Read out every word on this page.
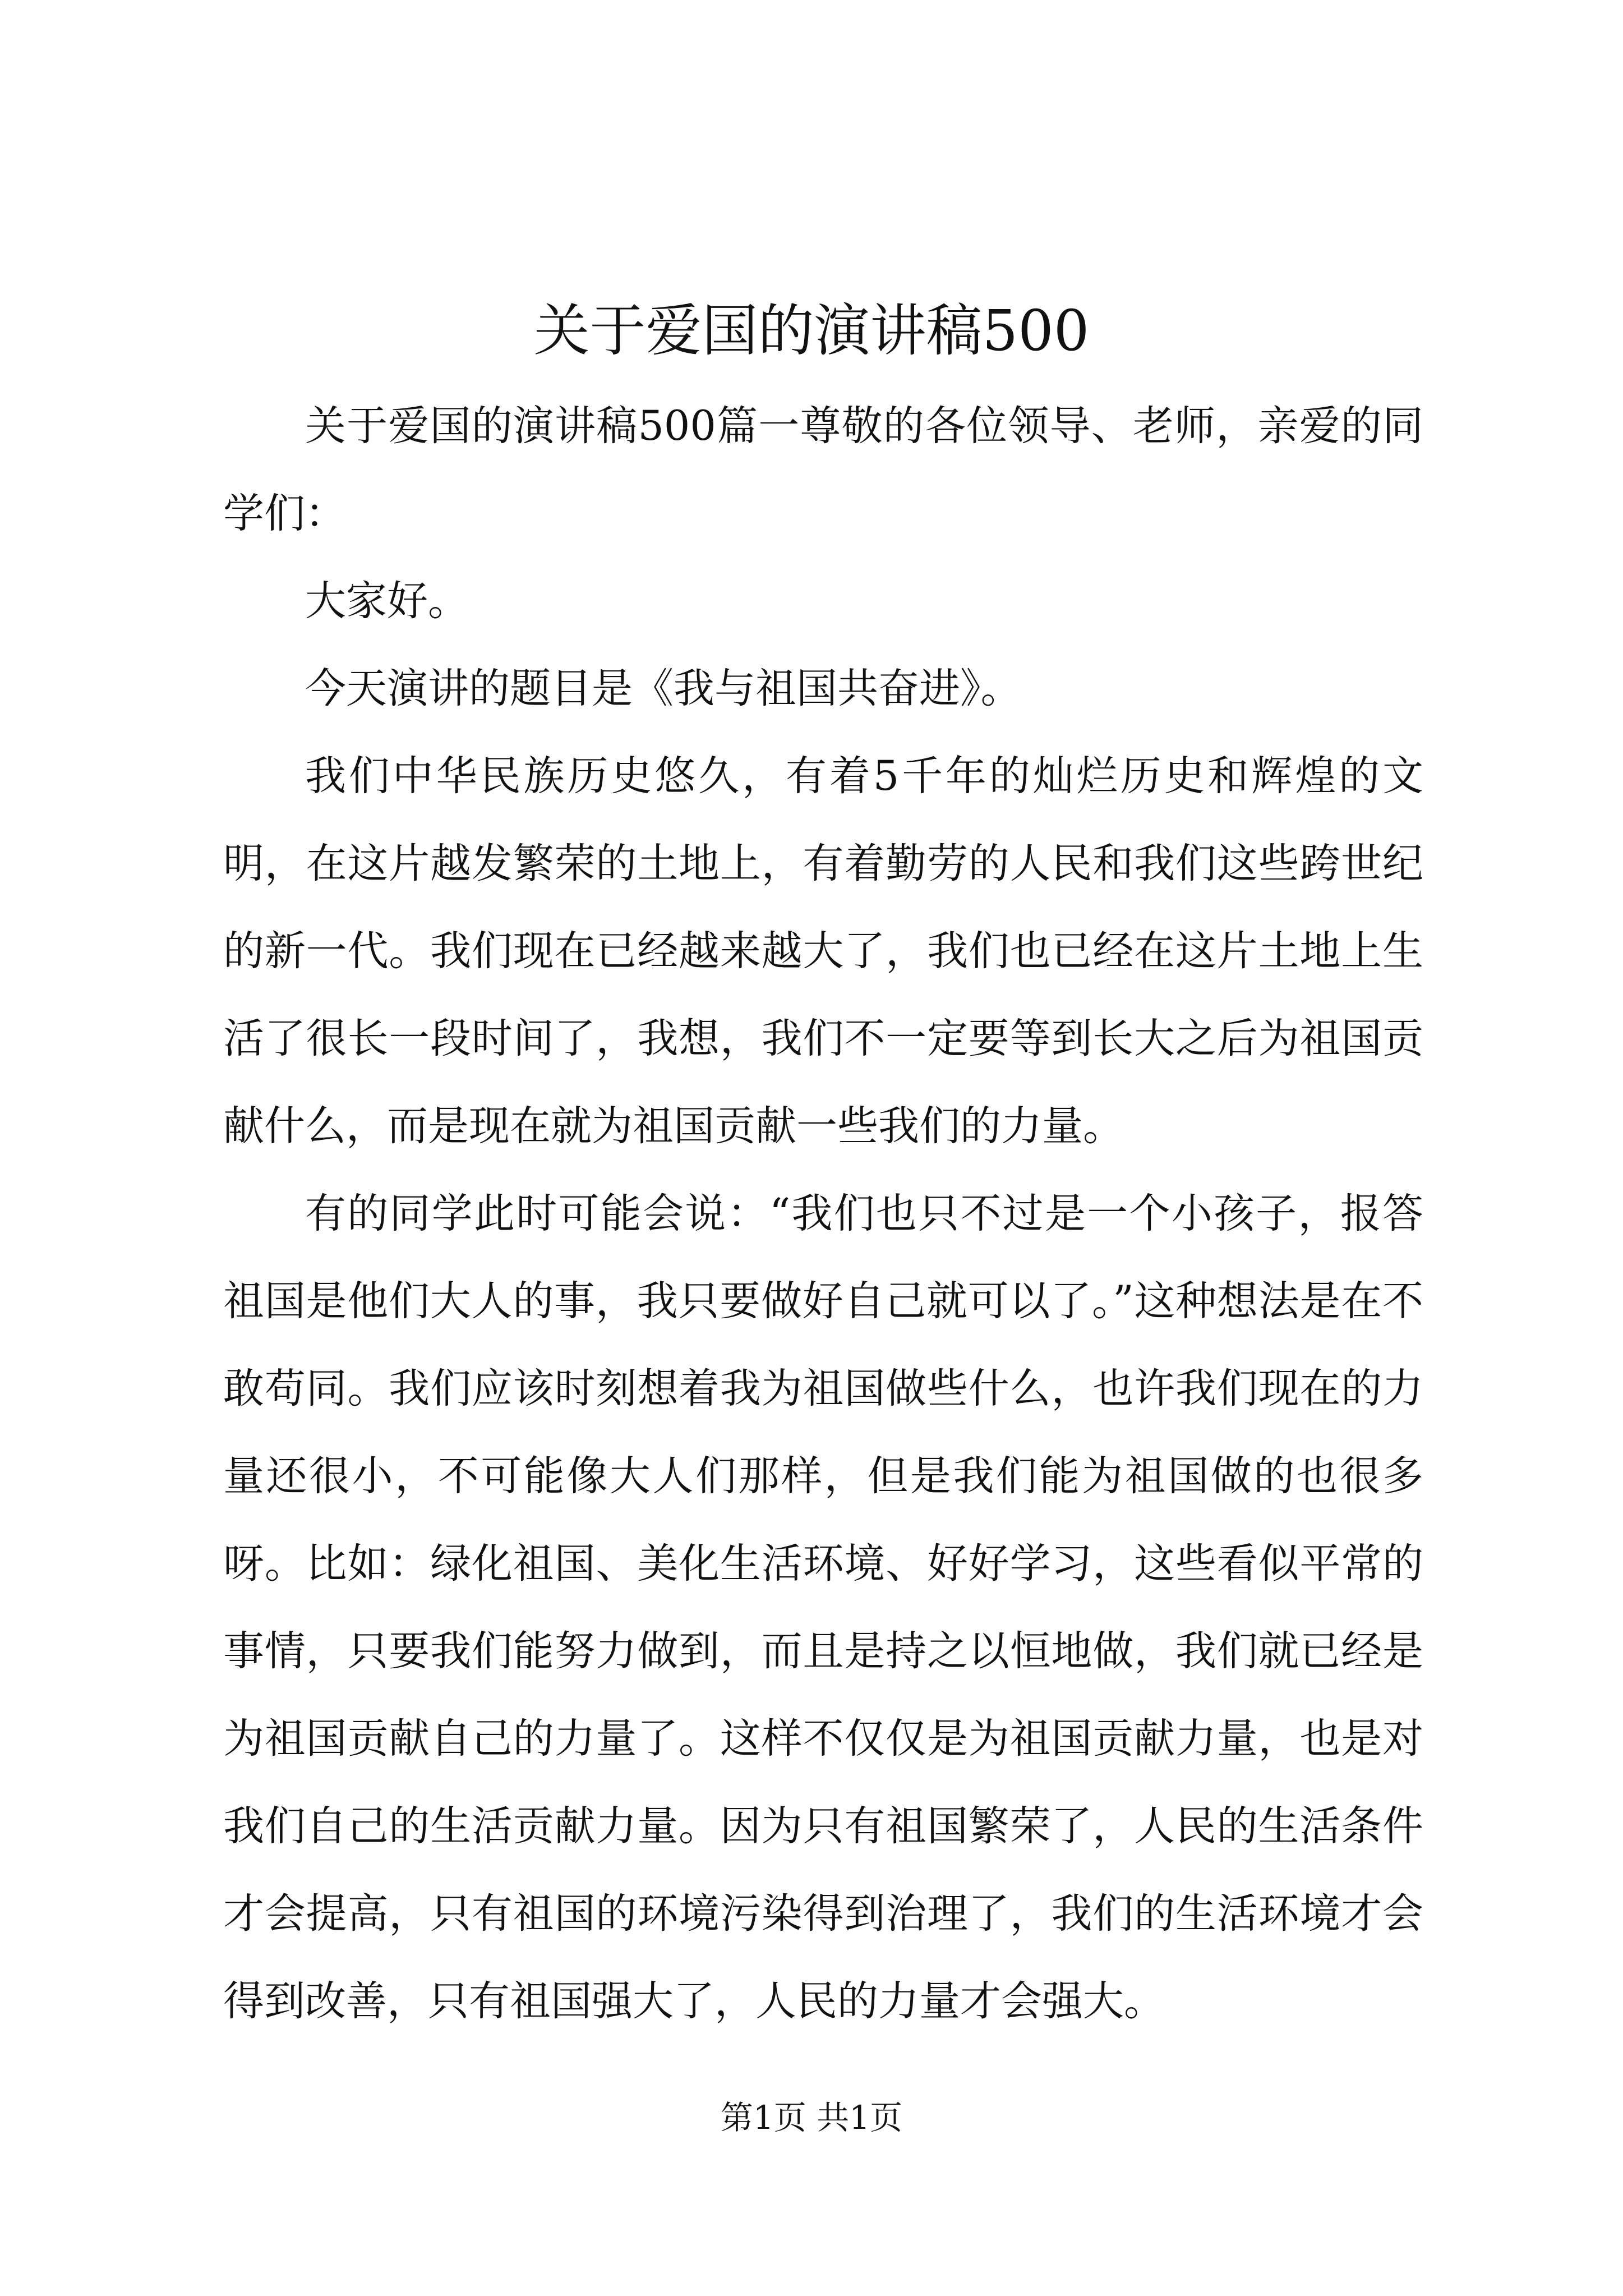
关于爱国的演讲稿500

关于爱国的演讲稿500篇一尊敬的各位领导、老师，亲爱的同学们：

大家好。

今天演讲的题目是《我与祖国共奋进》。

我们中华民族历史悠久，有着5千年的灿烂历史和辉煌的文明，在这片越发繁荣的土地上，有着勤劳的人民和我们这些跨世纪的新一代。我们现在已经越来越大了，我们也已经在这片土地上生活了很长一段时间了，我想，我们不一定要等到长大之后为祖国贡献什么，而是现在就为祖国贡献一些我们的力量。

有的同学此时可能会说：“我们也只不过是一个小孩子，报答祖国是他们大人的事，我只要做好自己就可以了。”这种想法是在不敢苟同。我们应该时刻想着我为祖国做些什么，也许我们现在的力量还很小，不可能像大人们那样，但是我们能为祖国做的也很多呀。比如：绿化祖国、美化生活环境、好好学习，这些看似平常的事情，只要我们能努力做到，而且是持之以恒地做，我们就已经是为祖国贡献自己的力量了。这样不仅仅是为祖国贡献力量，也是对我们自己的生活贡献力量。因为只有祖国繁荣了，人民的生活条件才会提高，只有祖国的环境污染得到治理了，我们的生活环境才会得到改善，只有祖国强大了，人民的力量才会强大。

第1页 共1页
